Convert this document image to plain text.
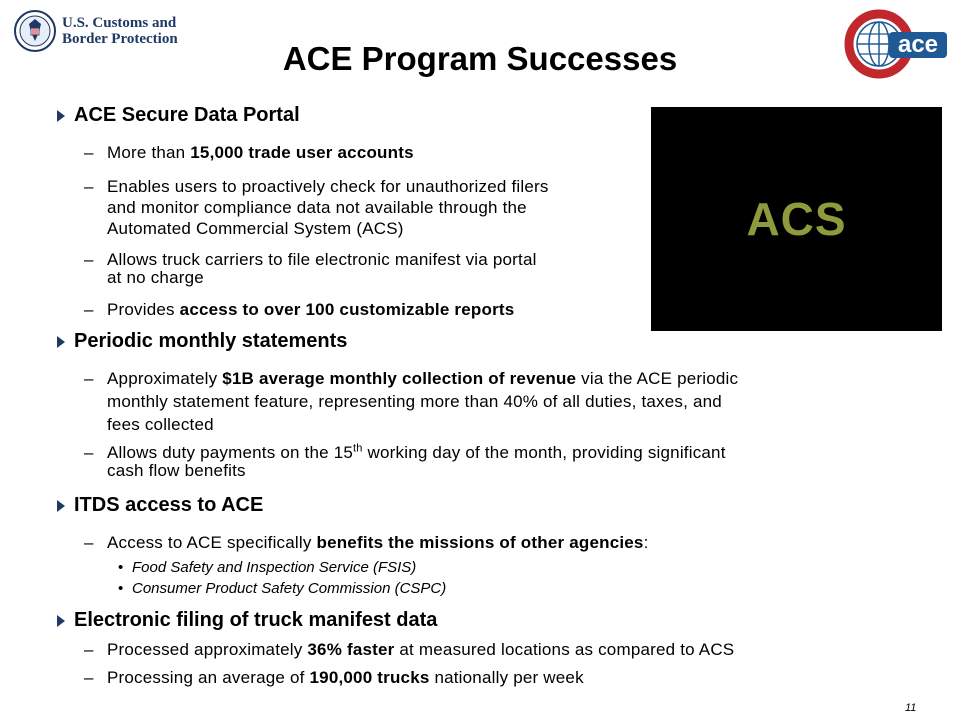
U.S. Customs and
Border Protection	ace
ACE Program Successes
ACS
ACE Secure Data Portal
– More than 15,000 trade user accounts
– Enables users to proactively check for unauthorized filers
and monitor compliance data not available through the
Automated Commercial System (ACS)
– Allows truck carriers to file electronic manifest via portal
at no charge
– Provides access to over 100 customizable reports
Periodic monthly statements
– Approximately $1B average monthly collection of revenue via the ACE periodic
monthly statement feature, representing more than 40% of all duties, taxes, and
fees collected
– Allows duty payments on the 15th working day of the month, providing significant
cash flow benefits
ITDS access to ACE
– Access to ACE specifically benefits the missions of other agencies:
• Food Safety and Inspection Service (FSIS)
• Consumer Product Safety Commission (CSPC)
Electronic filing of truck manifest data
– Processed approximately 36% faster at measured locations as compared to ACS
– Processing an average of 190,000 trucks nationally per week
11
